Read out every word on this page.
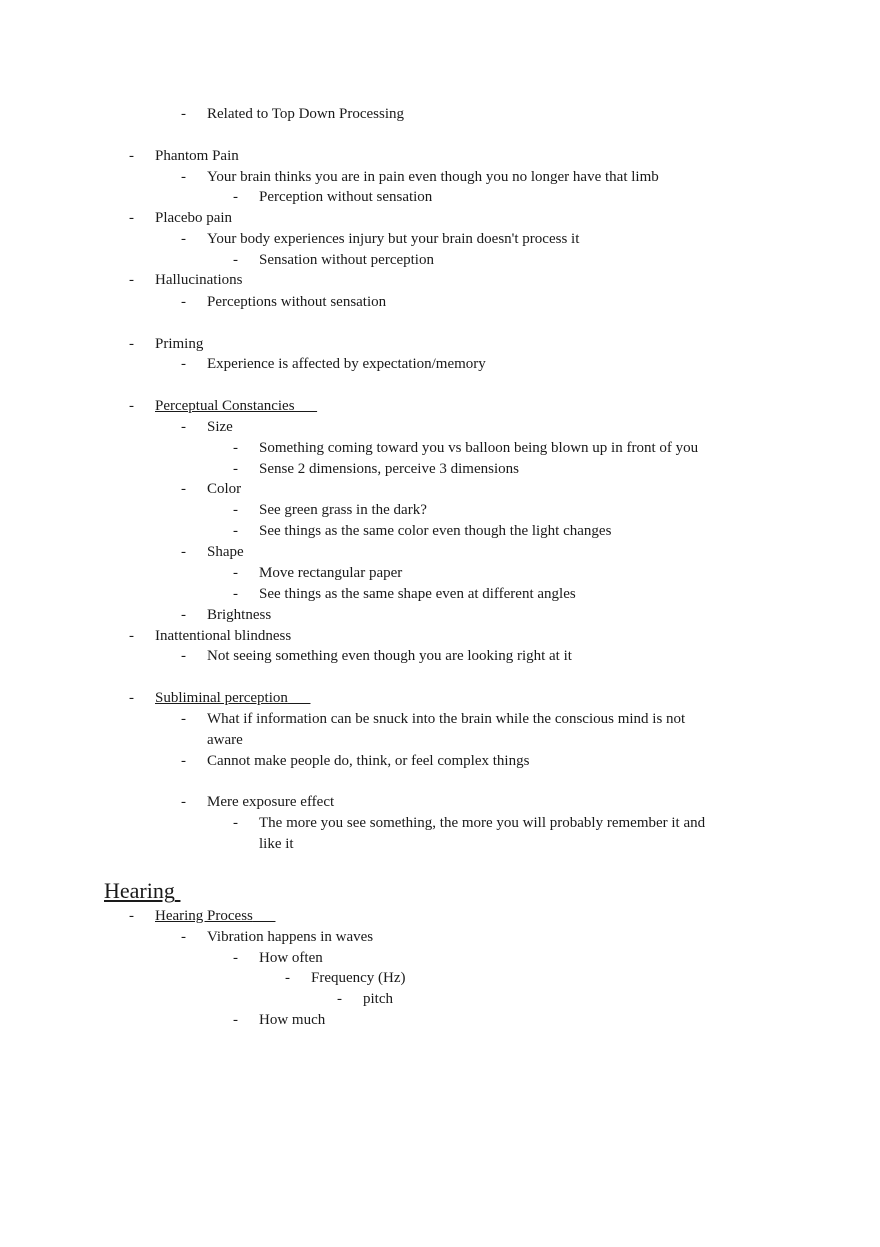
- Related to Top Down Processing
- Phantom Pain
- Your brain thinks you are in pain even though you no longer have that limb
- Perception without sensation
- Placebo pain
- Your body experiences injury but your brain doesn't process it
- Sensation without perception
- Hallucinations
- Perceptions without sensation
- Priming
- Experience is affected by expectation/memory
- Perceptual Constancies
- Size
- Something coming toward you vs balloon being blown up in front of you
- Sense 2 dimensions, perceive 3 dimensions
- Color
- See green grass in the dark?
- See things as the same color even though the light changes
- Shape
- Move rectangular paper
- See things as the same shape even at different angles
- Brightness
- Inattentional blindness
- Not seeing something even though you are looking right at it
- Subliminal perception
- What if information can be snuck into the brain while the conscious mind is not
aware
- Cannot make people do, think, or feel complex things
- Mere exposure effect
- The more you see something, the more you will probably remember it and
like it
Hearing
- Hearing Process
- Vibration happens in waves
- How often
- Frequency (Hz)
- pitch
- How much
